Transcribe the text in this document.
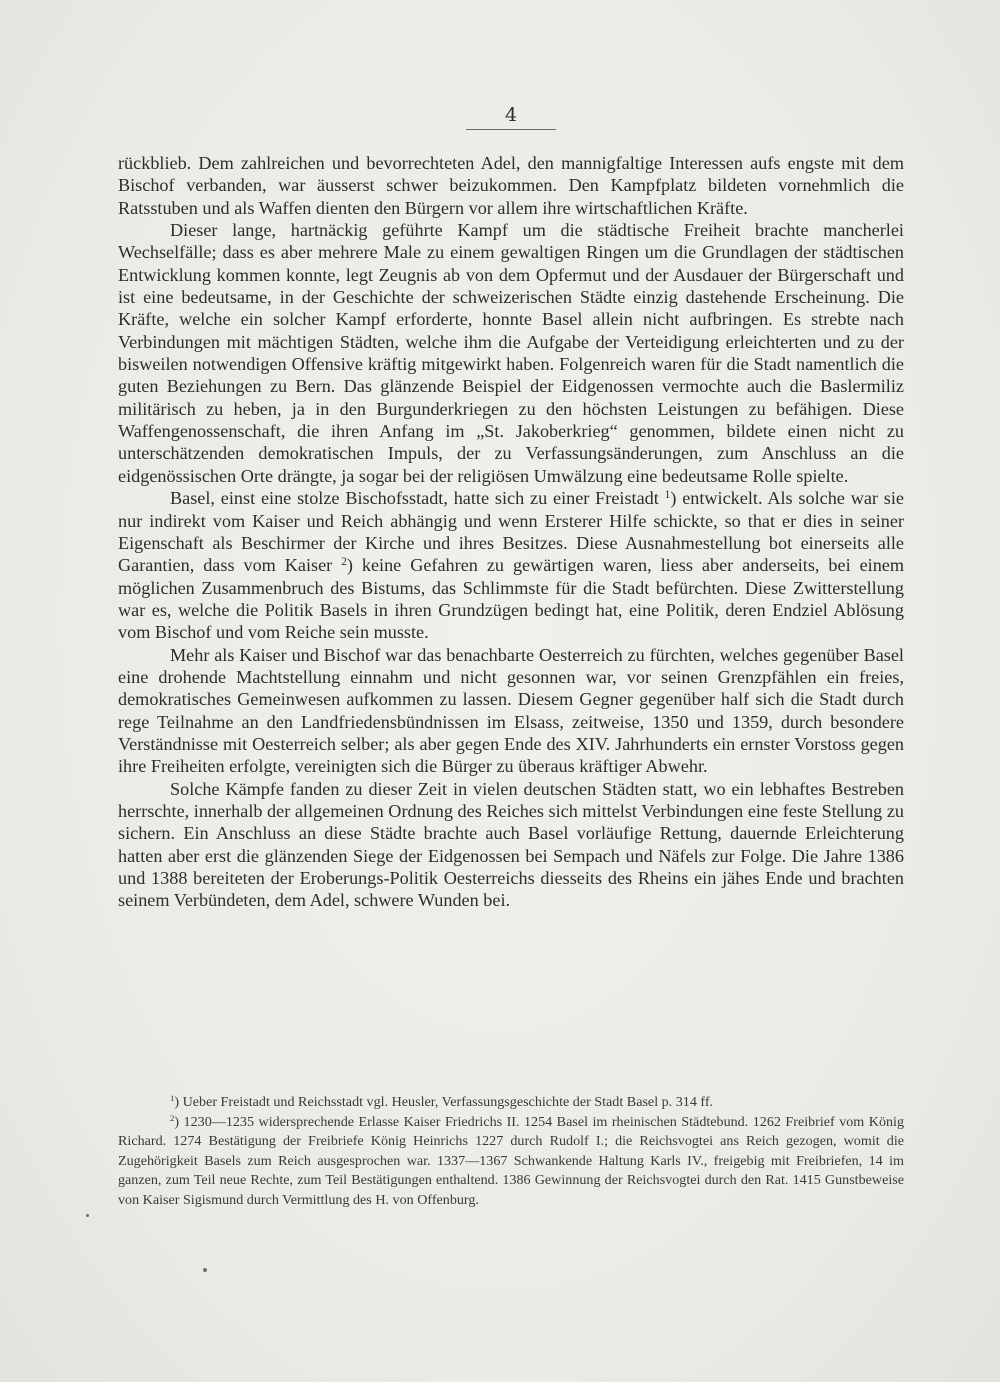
4

rückblieb. Dem zahlreichen und bevorrechteten Adel, den mannigfaltige Interessen aufs engste mit dem Bischof verbanden, war äusserst schwer beizukommen. Den Kampfplatz bildeten vornehmlich die Ratsstuben und als Waffen dienten den Bürgern vor allem ihre wirtschaftlichen Kräfte.

Dieser lange, hartnäckig geführte Kampf um die städtische Freiheit brachte mancherlei Wechselfälle; dass es aber mehrere Male zu einem gewaltigen Ringen um die Grundlagen der städtischen Entwicklung kommen konnte, legt Zeugnis ab von dem Opfermut und der Ausdauer der Bürgerschaft und ist eine bedeutsame, in der Geschichte der schweizerischen Städte einzig dastehende Erscheinung. Die Kräfte, welche ein solcher Kampf erforderte, honnte Basel allein nicht aufbringen. Es strebte nach Verbindungen mit mächtigen Städten, welche ihm die Aufgabe der Verteidigung erleichterten und zu der bisweilen notwendigen Offensive kräftig mitgewirkt haben. Folgenreich waren für die Stadt namentlich die guten Beziehungen zu Bern. Das glänzende Beispiel der Eidgenossen vermochte auch die Baslermiliz militärisch zu heben, ja in den Burgunderkriegen zu den höchsten Leistungen zu befähigen. Diese Waffengenossenschaft, die ihren Anfang im „St. Jakoberkrieg“ genommen, bildete einen nicht zu unterschätzenden demokratischen Impuls, der zu Verfassungsänderungen, zum Anschluss an die eidgenössischen Orte drängte, ja sogar bei der religiösen Umwälzung eine bedeutsame Rolle spielte.

Basel, einst eine stolze Bischofsstadt, hatte sich zu einer Freistadt $^1$) entwickelt. Als solche war sie nur indirekt vom Kaiser und Reich abhängig und wenn Ersterer Hilfe schickte, so that er dies in seiner Eigenschaft als Beschirmer der Kirche und ihres Besitzes. Diese Ausnahmestellung bot einerseits alle Garantien, dass vom Kaiser $^2$) keine Gefahren zu gewärtigen waren, liess aber anderseits, bei einem möglichen Zusammenbruch des Bistums, das Schlimmste für die Stadt befürchten. Diese Zwitterstellung war es, welche die Politik Basels in ihren Grundzügen bedingt hat, eine Politik, deren Endziel Ablösung vom Bischof und vom Reiche sein musste.

Mehr als Kaiser und Bischof war das benachbarte Oesterreich zu fürchten, welches gegenüber Basel eine drohende Machtstellung einnahm und nicht gesonnen war, vor seinen Grenzpfählen ein freies, demokratisches Gemeinwesen aufkommen zu lassen. Diesem Gegner gegenüber half sich die Stadt durch rege Teilnahme an den Landfriedensbündnissen im Elsass, zeitweise, 1350 und 1359, durch besondere Verständnisse mit Oesterreich selber; als aber gegen Ende des XIV. Jahrhunderts ein ernster Vorstoss gegen ihre Freiheiten erfolgte, vereinigten sich die Bürger zu überaus kräftiger Abwehr.

Solche Kämpfe fanden zu dieser Zeit in vielen deutschen Städten statt, wo ein lebhaftes Bestreben herrschte, innerhalb der allgemeinen Ordnung des Reiches sich mittelst Verbindungen eine feste Stellung zu sichern. Ein Anschluss an diese Städte brachte auch Basel vorläufige Rettung, dauernde Erleichterung hatten aber erst die glänzenden Siege der Eidgenossen bei Sempach und Näfels zur Folge. Die Jahre 1386 und 1388 bereiteten der Eroberungs-Politik Oesterreichs diesseits des Rheins ein jähes Ende und brachten seinem Verbündeten, dem Adel, schwere Wunden bei.

$^1$) Ueber Freistadt und Reichsstadt vgl. Heusler, Verfassungsgeschichte der Stadt Basel p. 314 ff.

$^2$) 1230—1235 widersprechende Erlasse Kaiser Friedrichs II. 1254 Basel im rheinischen Städtebund. 1262 Freibrief vom König Richard. 1274 Bestätigung der Freibriefe König Heinrichs 1227 durch Rudolf I.; die Reichsvogtei ans Reich gezogen, womit die Zugehörigkeit Basels zum Reich ausgesprochen war. 1337—1367 Schwankende Haltung Karls IV., freigebig mit Freibriefen, 14 im ganzen, zum Teil neue Rechte, zum Teil Bestätigungen enthaltend. 1386 Gewinnung der Reichsvogtei durch den Rat. 1415 Gunstbeweise von Kaiser Sigismund durch Vermittlung des H. von Offenburg.
